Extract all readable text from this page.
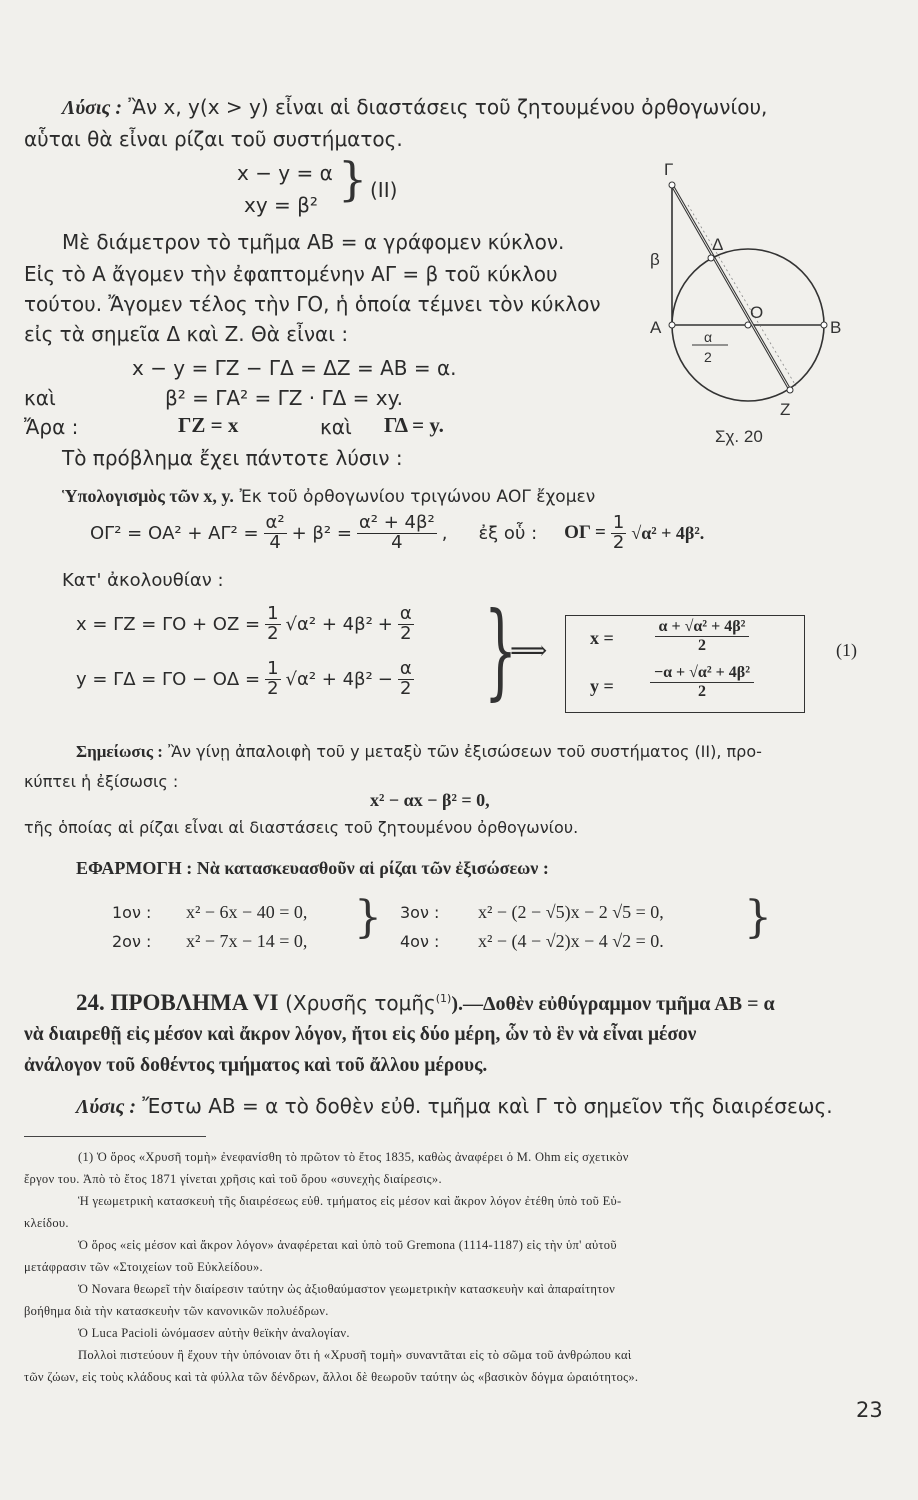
Λύσις : Ἂν x, y(x > y) εἶναι αἱ διαστάσεις τοῦ ζητουμένου ὀρθογωνίου,
αὗται θὰ εἶναι ρίζαι τοῦ συστήματος.
x − y = α
xy = β² } (II)
Μὲ διάμετρον τὸ τμῆμα ΑΒ = α γράφομεν κύκλον.
Εἰς τὸ Α ἄγομεν τὴν ἐφαπτομένην ΑΓ = β τοῦ κύκλου
τούτου. Ἄγομεν τέλος τὴν ΓΟ, ἡ ὁποία τέμνει τὸν κύκλον
εἰς τὰ σημεῖα Δ καὶ Ζ. Θὰ εἶναι :
x − y = ΓΖ − ΓΔ = ΔΖ = ΑΒ = α.
καὶ	β² = ΓΑ² = ΓΖ · ΓΔ = xy.
Ἄρα :	ΓΖ = x	καὶ ΓΔ = y.
Τὸ πρόβλημα ἔχει πάντοτε λύσιν :
Γ
Δ
β
Ο
Α	Β
α
2
Ζ
Σχ. 20
Ὑπολογισμὸς τῶν x, y. Ἐκ τοῦ ὀρθογωνίου τριγώνου ΑΟΓ ἔχομεν
$O\Gamma^2 = OA^2 + A\Gamma^2 = \frac{\text{α²}}{4} + \beta^2 = \frac{\text{α² + 4β²}}{4}$ , ἐξ οὗ : $O\Gamma = \frac{1}{2} √\alpha^2 + 4\beta^2$.
Κατ' ἀκολουθίαν :
$x = \Gamma Z = \Gamma O + OZ = \frac{1}{2} √\alpha^2 + 4\beta^2 + \frac{\alpha}{2}$
$y = \Gamma\Delta = \Gamma O - O\Delta = \frac{1}{2} √\alpha^2 + 4\beta^2 - \frac{\alpha}{2}$ }
⟹ $x = \frac{\text{α + √α² + 4β²}}{2}$
$y = \frac{\text{−α + √α² + 4β²}}{2}$
(1)
Σημείωσις : Ἂν γίνῃ ἀπαλοιφὴ τοῦ y μεταξὺ τῶν ἐξισώσεων τοῦ συστήματος (II), προ-
κύπτει ἡ ἐξίσωσις :
x² − αx − β² = 0,
τῆς ὁποίας αἱ ρίζαι εἶναι αἱ διαστάσεις τοῦ ζητουμένου ὀρθογωνίου.
ΕΦΑΡΜΟΓΗ : Νὰ κατασκευασθοῦν αἱ ρίζαι τῶν ἐξισώσεων :
1ον : x² − 6x − 40 = 0,
2ον : x² − 7x − 14 = 0, } 3ον : x² − (2 − √5)x − 2 √5 = 0,
4ον : x² − (4 − √2)x − 4 √2 = 0. }
24. ΠΡΟΒΛΗΜΑ VI (Χρυσῆς τομῆς$^{(1)}$).—Δοθὲν εὐθύγραμμον τμῆμα ΑΒ = α
νὰ διαιρεθῇ εἰς μέσον καὶ ἄκρον λόγον, ἤτοι εἰς δύο μέρη, ὧν τὸ ἓν νὰ εἶναι μέσον
ἀνάλογον τοῦ δοθέντος τμήματος καὶ τοῦ ἄλλου μέρους.
Λύσις : Ἔστω ΑΒ = α τὸ δοθὲν εὐθ. τμῆμα καὶ Γ τὸ σημεῖον τῆς διαιρέσεως.
(1) Ὁ ὅρος «Χρυσῆ τομὴ» ἐνεφανίσθη τὸ πρῶτον τὸ ἔτος 1835, καθὼς ἀναφέρει ὁ Μ. Ohm εἰς σχετικὸν
ἔργον του. Ἀπὸ τὸ ἔτος 1871 γίνεται χρῆσις καὶ τοῦ ὅρου «συνεχὴς διαίρεσις».
Ἡ γεωμετρικὴ κατασκευὴ τῆς διαιρέσεως εὐθ. τμήματος εἰς μέσον καὶ ἄκρον λόγον ἐτέθη ὑπὸ τοῦ Εὐ-
κλείδου.
Ὁ ὅρος «εἰς μέσον καὶ ἄκρον λόγον» ἀναφέρεται καὶ ὑπὸ τοῦ Gremona (1114-1187) εἰς τὴν ὑπ' αὐτοῦ
μετάφρασιν τῶν «Στοιχείων τοῦ Εὐκλείδου».
Ὁ Novara θεωρεῖ τὴν διαίρεσιν ταύτην ὡς ἀξιοθαύμαστον γεωμετρικὴν κατασκευὴν καὶ ἀπαραίτητον
βοήθημα διὰ τὴν κατασκευὴν τῶν κανονικῶν πολυέδρων.
Ὁ Luca Pacioli ὠνόμασεν αὐτὴν θεϊκὴν ἀναλογίαν.
Πολλοὶ πιστεύουν ἢ ἔχουν τὴν ὑπόνοιαν ὅτι ἡ «Χρυσῆ τομὴ» συναντᾶται εἰς τὸ σῶμα τοῦ ἀνθρώπου καὶ
τῶν ζώων, εἰς τοὺς κλάδους καὶ τὰ φύλλα τῶν δένδρων, ἄλλοι δὲ θεωροῦν ταύτην ὡς «βασικὸν δόγμα ὡραιότητος».
23
